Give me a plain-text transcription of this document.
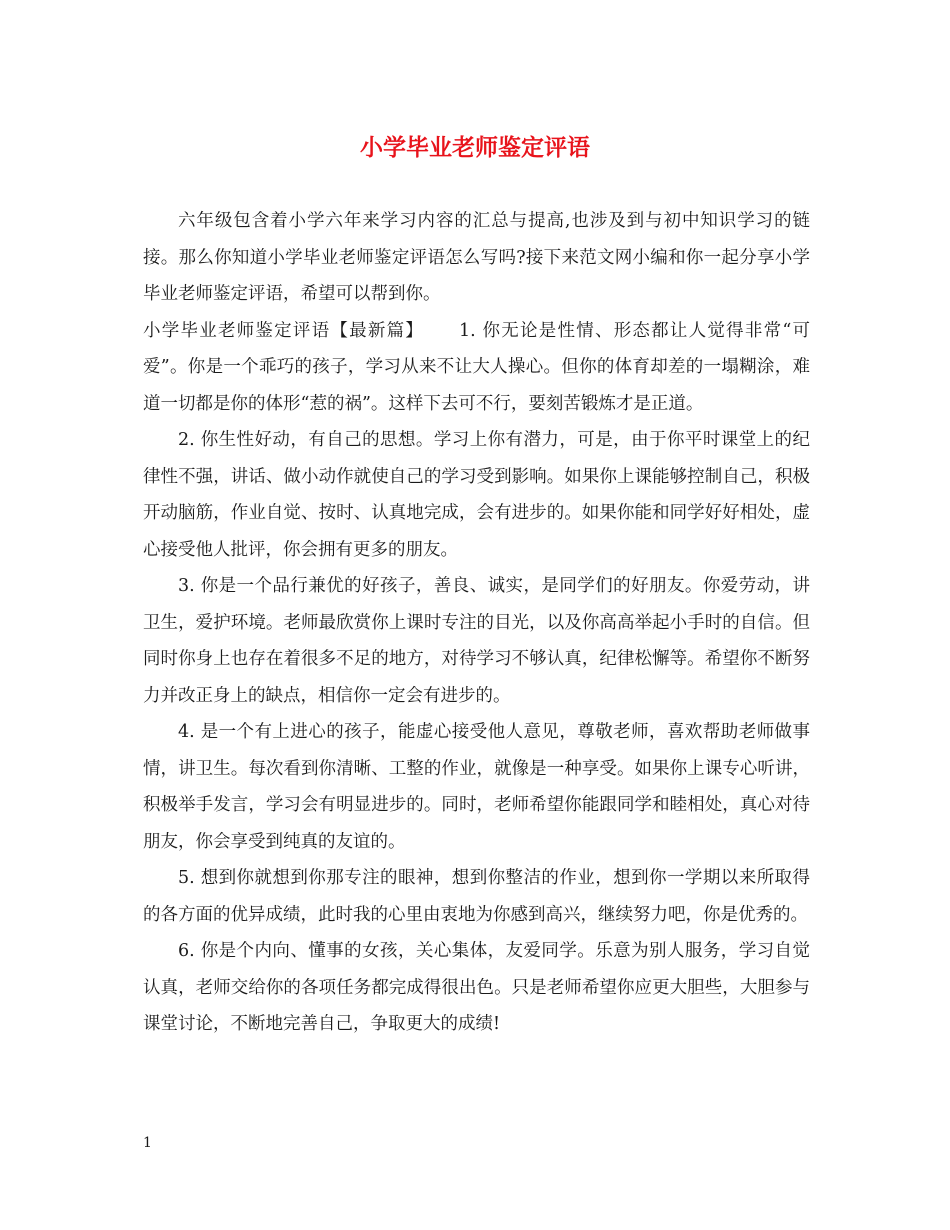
小学毕业老师鉴定评语

六年级包含着小学六年来学习内容的汇总与提高,也涉及到与初中知识学习的链接。那么你知道小学毕业老师鉴定评语怎么写吗?接下来范文网小编和你一起分享小学毕业老师鉴定评语，希望可以帮到你。

小学毕业老师鉴定评语【最新篇】   1. 你无论是性情、形态都让人觉得非常“可爱”。你是一个乖巧的孩子，学习从来不让大人操心。但你的体育却差的一塌糊涂，难道一切都是你的体形“惹的祸”。这样下去可不行，要刻苦锻炼才是正道。

2. 你生性好动，有自己的思想。学习上你有潜力，可是，由于你平时课堂上的纪律性不强，讲话、做小动作就使自己的学习受到影响。如果你上课能够控制自己，积极开动脑筋，作业自觉、按时、认真地完成，会有进步的。如果你能和同学好好相处，虚心接受他人批评，你会拥有更多的朋友。

3. 你是一个品行兼优的好孩子，善良、诚实，是同学们的好朋友。你爱劳动，讲卫生，爱护环境。老师最欣赏你上课时专注的目光，以及你高高举起小手时的自信。但同时你身上也存在着很多不足的地方，对待学习不够认真，纪律松懈等。希望你不断努力并改正身上的缺点，相信你一定会有进步的。

4. 是一个有上进心的孩子，能虚心接受他人意见，尊敬老师，喜欢帮助老师做事情，讲卫生。每次看到你清晰、工整的作业，就像是一种享受。如果你上课专心听讲，积极举手发言，学习会有明显进步的。同时，老师希望你能跟同学和睦相处，真心对待朋友，你会享受到纯真的友谊的。

5. 想到你就想到你那专注的眼神，想到你整洁的作业，想到你一学期以来所取得的各方面的优异成绩，此时我的心里由衷地为你感到高兴，继续努力吧，你是优秀的。

6. 你是个内向、懂事的女孩，关心集体，友爱同学。乐意为别人服务，学习自觉认真，老师交给你的各项任务都完成得很出色。只是老师希望你应更大胆些，大胆参与课堂讨论，不断地完善自己，争取更大的成绩!

1
